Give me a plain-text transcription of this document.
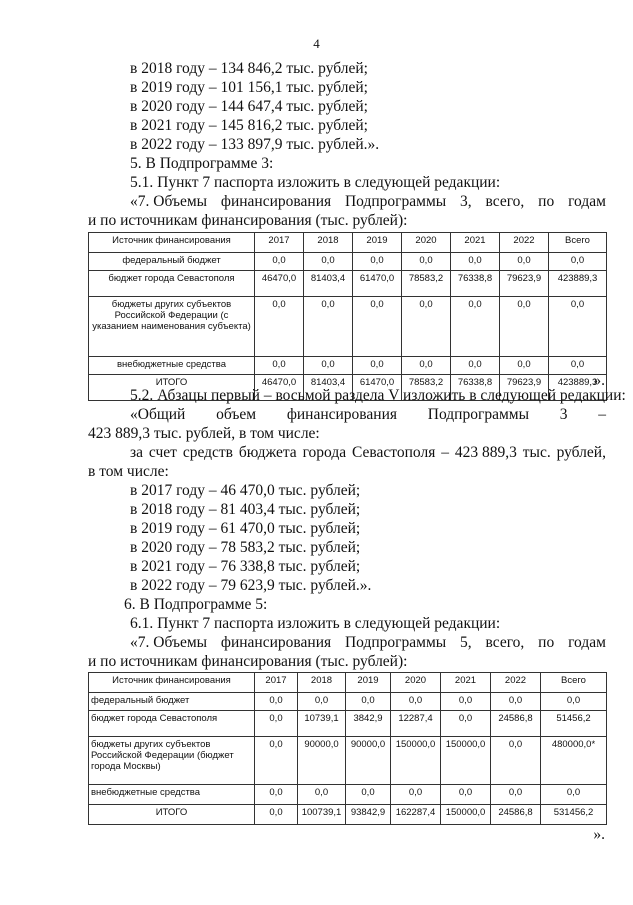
4
в 2018 году – 134 846,2 тыс. рублей;
в 2019 году – 101 156,1 тыс. рублей;
в 2020 году – 144 647,4 тыс. рублей;
в 2021 году – 145 816,2 тыс. рублей;
в 2022 году – 133 897,9 тыс. рублей.».
5. В Подпрограмме 3:
5.1. Пункт 7 паспорта изложить в следующей редакции:
«7. Объемы финансирования Подпрограммы 3, всего, по годам
и по источникам финансирования (тыс. рублей):
Источник финансирования	2017	2018	2019	2020	2021	2022	Всего
федеральный бюджет	0,0	0,0	0,0	0,0	0,0	0,0	0,0
бюджет города Севастополя	46470,0	81403,4	61470,0	78583,2	76338,8	79623,9	423889,3
бюджеты других субъектов Российской Федерации (с указанием наименования субъекта)	0,0	0,0	0,0	0,0	0,0	0,0	0,0
внебюджетные средства	0,0	0,0	0,0	0,0	0,0	0,0	0,0
ИТОГО	46470,0	81403,4	61470,0	78583,2	76338,8	79623,9	423889,3
».
5.2. Абзацы первый – восьмой раздела V изложить в следующей редакции:
«Общий объем финансирования Подпрограммы 3 –
423 889,3 тыс. рублей, в том числе:
за счет средств бюджета города Севастополя – 423 889,3 тыс. рублей,
в том числе:
в 2017 году – 46 470,0 тыс. рублей;
в 2018 году – 81 403,4 тыс. рублей;
в 2019 году – 61 470,0 тыс. рублей;
в 2020 году – 78 583,2 тыс. рублей;
в 2021 году – 76 338,8 тыс. рублей;
в 2022 году – 79 623,9 тыс. рублей.».
6. В Подпрограмме 5:
6.1. Пункт 7 паспорта изложить в следующей редакции:
«7. Объемы финансирования Подпрограммы 5, всего, по годам
и по источникам финансирования (тыс. рублей):
Источник финансирования	2017	2018	2019	2020	2021	2022	Всего
федеральный бюджет	0,0	0,0	0,0	0,0	0,0	0,0	0,0
бюджет города Севастополя	0,0	10739,1	3842,9	12287,4	0,0	24586,8	51456,2
бюджеты других субъектов Российской Федерации (бюджет города Москвы)	0,0	90000,0	90000,0	150000,0	150000,0	0,0	480000,0*
внебюджетные средства	0,0	0,0	0,0	0,0	0,0	0,0	0,0
ИТОГО	0,0	100739,1	93842,9	162287,4	150000,0	24586,8	531456,2
».
